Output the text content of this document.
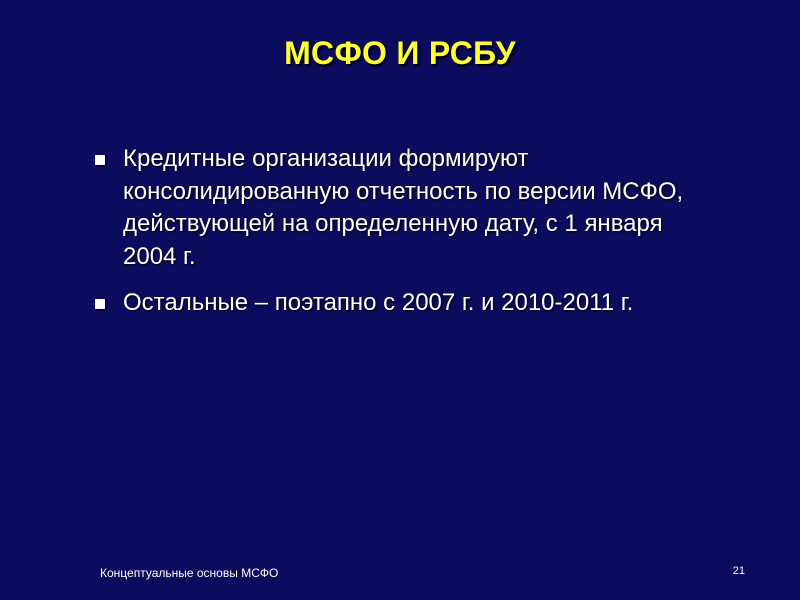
МСФО И РСБУ
Кредитные организации формируют консолидированную отчетность по версии МСФО, действующей на определенную дату, с 1 января 2004 г.
Остальные – поэтапно с 2007 г. и 2010-2011 г.
Концептуальные основы МСФО	21
